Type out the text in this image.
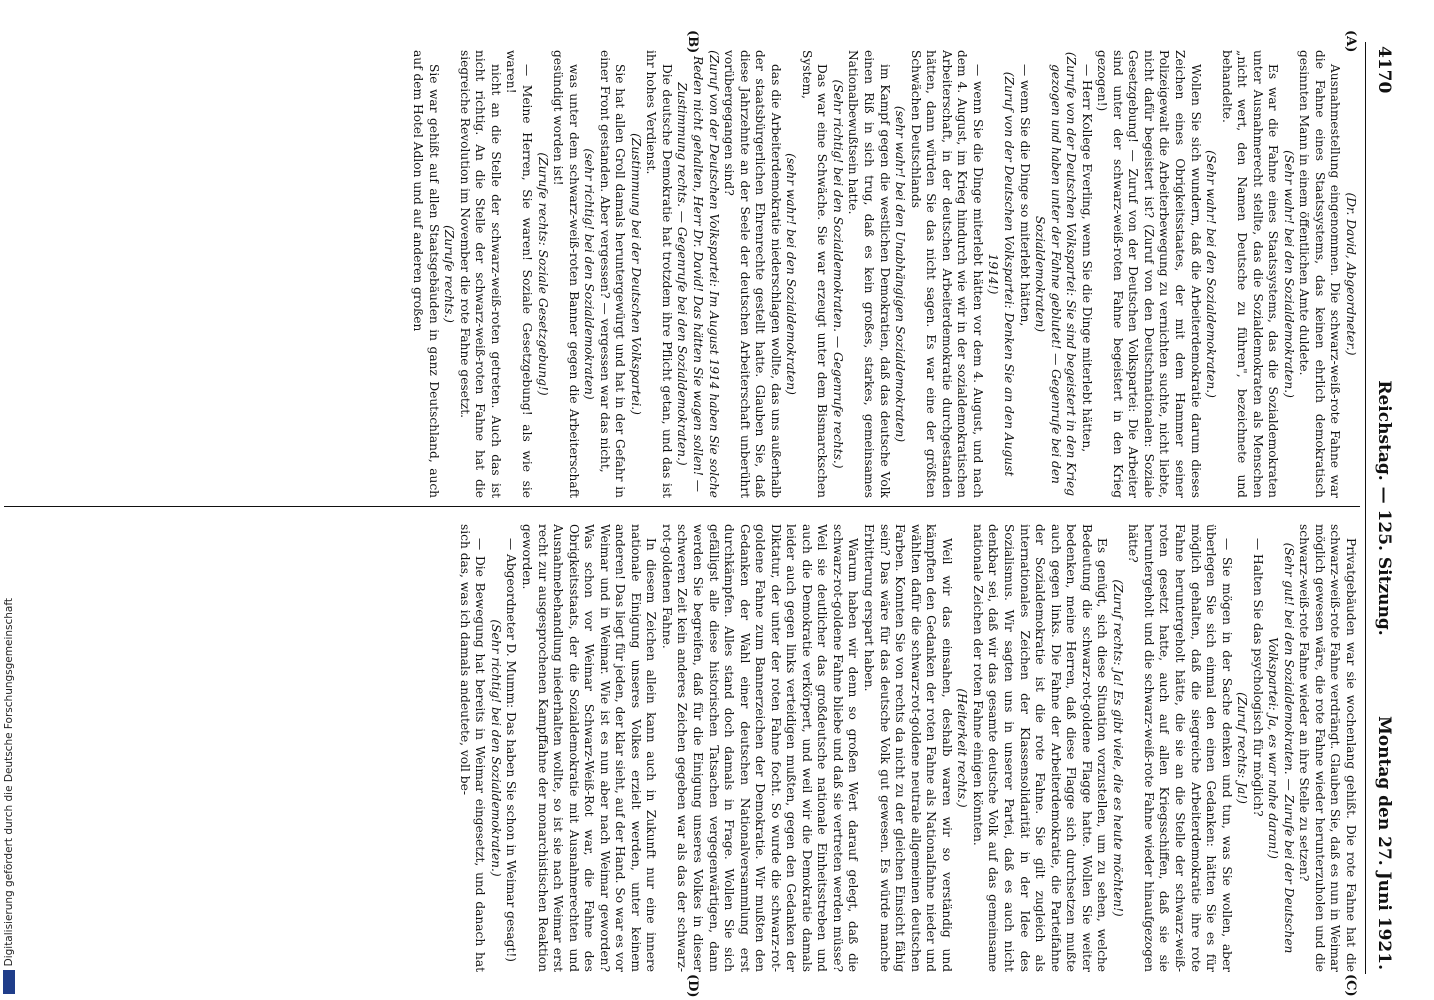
4170
Reichstag. — 125. Sitzung.
Montag den 27. Juni 1921.
(A)
(B)
(C)
(D)

(Dr. David, Abgeordneter.)

Ausnahmestellung eingenommen. Die schwarz-weiß-rote Fahne war die Fahne eines Staatssystems, das keinen ehrlich demokratisch gesinnten Mann in einem öffentlichen Amte duldete.

(Sehr wahr! bei den Sozialdemokraten.)

Es war die Fahne eines Staatssystems, das die Sozialdemokraten unter Ausnahmerecht stellte, das die Sozialdemokraten als Menschen „nicht wert, den Namen Deutsche zu führen", bezeichnete und behandelte.

(Sehr wahr! bei den Sozialdemokraten.)

Wollen Sie sich wundern, daß die Arbeiterdemokratie darum dieses Zeichen eines Obrigkeitsstaates, der mit dem Hammer seiner Polizeigewalt die Arbeiterbewegung zu vernichten suchte, nicht liebte, nicht dafür begeistert ist? (Zuruf von den Deutschnationalen: Soziale Gesetzgebung! — Zuruf von der Deutschen Volkspartei: Die Arbeiter sind unter der schwarz-weiß-roten Fahne begeistert in den Krieg gezogen!)

— Herr Kollege Everling, wenn Sie die Dinge miterlebt hätten,

(Zurufe von der Deutschen Volkspartei: Sie sind begeistert in den Krieg gezogen und haben unter der Fahne geblutet! — Gegenrufe bei den Sozialdemokraten)

— wenn Sie die Dinge so miterlebt hätten,

(Zuruf von der Deutschen Volkspartei: Denken Sie an den August 1914!)

— wenn Sie die Dinge miterlebt hätten vor dem 4. August, und nach dem 4. August, im Krieg hindurch wie wir in der sozialdemokratischen Arbeiterschaft, in der deutschen Arbeiterdemokratie durchgestanden hätten, dann würden Sie das nicht sagen. Es war eine der größten Schwächen Deutschlands

(sehr wahr! bei den Unabhängigen Sozialdemokraten)

im Kampf gegen die westlichen Demokratien, daß das deutsche Volk einen Riß in sich trug, daß es kein großes, starkes, gemeinsames Nationalbewußtsein hatte.

(Sehr richtig! bei den Sozialdemokraten. — Gegenrufe rechts.)

Das war eine Schwäche. Sie war erzeugt unter dem Bismarckschen System,

(sehr wahr! bei den Sozialdemokraten)

das die Arbeiterdemokratie niederschlagen wollte, das uns außerhalb der staatsbürgerlichen Ehrenrechte gestellt hatte. Glauben Sie, daß diese Jahrzehnte an der Seele der deutschen Arbeiterschaft unberührt vorübergegangen sind?

(Zuruf von der Deutschen Volkspartei: Im August 1914 haben Sie solche Reden nicht gehalten, Herr Dr. David! Das hätten Sie wagen sollen! — Zustimmung rechts. — Gegenrufe bei den Sozialdemokraten.)

Die deutsche Demokratie hat trotzdem ihre Pflicht getan, und das ist ihr hohes Verdienst.

(Zustimmung bei der Deutschen Volkspartei.)

Sie hat allen Groll damals heruntergewürgt und hat in der Gefahr in einer Front gestanden. Aber vergessen? — vergessen war das nicht,

(sehr richtig! bei den Sozialdemokraten)

was unter dem schwarz-weiß-roten Banner gegen die Arbeiterschaft gesündigt worden ist!

(Zurufe rechts: Soziale Gesetzgebung!)

— Meine Herren, Sie waren! Soziale Gesetzgebung! als wie sie waren!

nicht an die Stelle der schwarz-weiß-roten getreten. Auch das ist nicht richtig. An die Stelle der schwarz-weiß-roten Fahne hat die siegreiche Revolution im November die rote Fahne gesetzt.

(Zurufe rechts.)

Sie war gehißt auf allen Staatsgebäuden in ganz Deutschland, auch auf dem Hotel Adlon und auf anderen großen

Privatgebäuden war sie wochenlang gehißt. Die rote Fahne hat die schwarz-weiß-rote Fahne verdrängt. Glauben Sie, daß es nun in Weimar möglich gewesen wäre, die rote Fahne wieder herunterzuholen und die schwarz-weiß-rote Fahne wieder an ihre Stelle zu setzen?

(Sehr gut! bei den Sozialdemokraten. — Zurufe bei der Deutschen Volkspartei: Ja, es war nahe daran!)

— Halten Sie das psychologisch für möglich?

(Zuruf rechts: Ja!)

— Sie mögen in der Sache denken und tun, was Sie wollen, aber überlegen Sie sich einmal den einen Gedanken: hätten Sie es für möglich gehalten, daß die siegreiche Arbeiterdemokratie ihre rote Fahne heruntergeholt hätte, die sie an die Stelle der schwarz-weiß-roten gesetzt hatte, auch auf allen Kriegsschiffen, daß sie sie heruntergeholt und die schwarz-weiß-rote Fahne wieder hinaufgezogen hätte?

(Zuruf rechts: Ja! Es gibt viele, die es heute möchten!)

Es genügt, sich diese Situation vorzustellen, um zu sehen, welche Bedeutung die schwarz-rot-goldene Flagge hatte. Wollen Sie weiter bedenken, meine Herren, daß diese Flagge sich durchsetzen mußte auch gegen links. Die Fahne der Arbeiterdemokratie, die Parteifahne der Sozialdemokratie ist die rote Fahne. Sie gilt zugleich als internationales Zeichen der Klassensolidarität in der Idee des Sozialismus. Wir sagten uns in unserer Partei, daß es auch nicht denkbar sei, daß wir das gesamte deutsche Volk auf das gemeinsame nationale Zeichen der roten Fahne einigen könnten.

(Heiterkeit rechts.)

Weil wir das einsahen, deshalb waren wir so verständig und kämpften den Gedanken der roten Fahne als Nationalfahne nieder und wählten dafür die schwarz-rot-goldene neutrale allgemeinen deutschen Farben. Konnten Sie von rechts da nicht zu der gleichen Einsicht fähig sein? Das wäre für das deutsche Volk gut gewesen. Es würde manche Erbitterung erspart haben.

Warum haben wir denn so großen Wert darauf gelegt, daß die schwarz-rot-goldene Fahne bliebe und daß sie vertreten werden müsse? Weil sie deutlicher das großdeutsche nationale Einheitsstreben und auch die Demokratie verkörpert, und weil wir die Demokratie damals leider auch gegen links verteidigen mußten, gegen den Gedanken der Diktatur, der unter der roten Fahne focht. So wurde die schwarz-rot-goldene Fahne zum Bannerzeichen der Demokratie. Wir mußten den Gedanken der Wahl einer deutschen Nationalversammlung erst durchkämpfen. Alles stand doch damals in Frage. Wollen Sie sich gefälligst alle diese historischen Tatsachen vergegenwärtigen, dann werden Sie begreifen, daß für die Einigung unseres Volkes in dieser schweren Zeit kein anderes Zeichen gegeben war als das der schwarz-rot-goldenen Fahne.

In diesem Zeichen allein kann auch in Zukunft nur eine innere nationale Einigung unseres Volkes erzielt werden, unter keinem anderen! Das liegt für jeden, der klar sieht, auf der Hand. So war es vor Weimar und in Weimar. Wie ist es nun aber nach Weimar geworden? Was schon vor Weimar Schwarz-Weiß-Rot war, die Fahne des Obrigkeitsstaats, der die Sozialdemokratie mit Ausnahmerechten und Ausnahmebehandlung niederhalten wollte, so ist sie nach Weimar erst recht zur ausgesprochenen Kampffahne der monarchistischen Reaktion geworden.

— Abgeordneter D. Mumm: Das haben Sie schon in Weimar gesagt!)

(Sehr richtig! bei den Sozialdemokraten.)

— Die Bewegung hat bereits in Weimar eingesetzt, und danach hat sich das, was ich damals andeutete, voll be-

Digitalisierung gefördert durch die Deutsche Forschungsgemeinschaft
